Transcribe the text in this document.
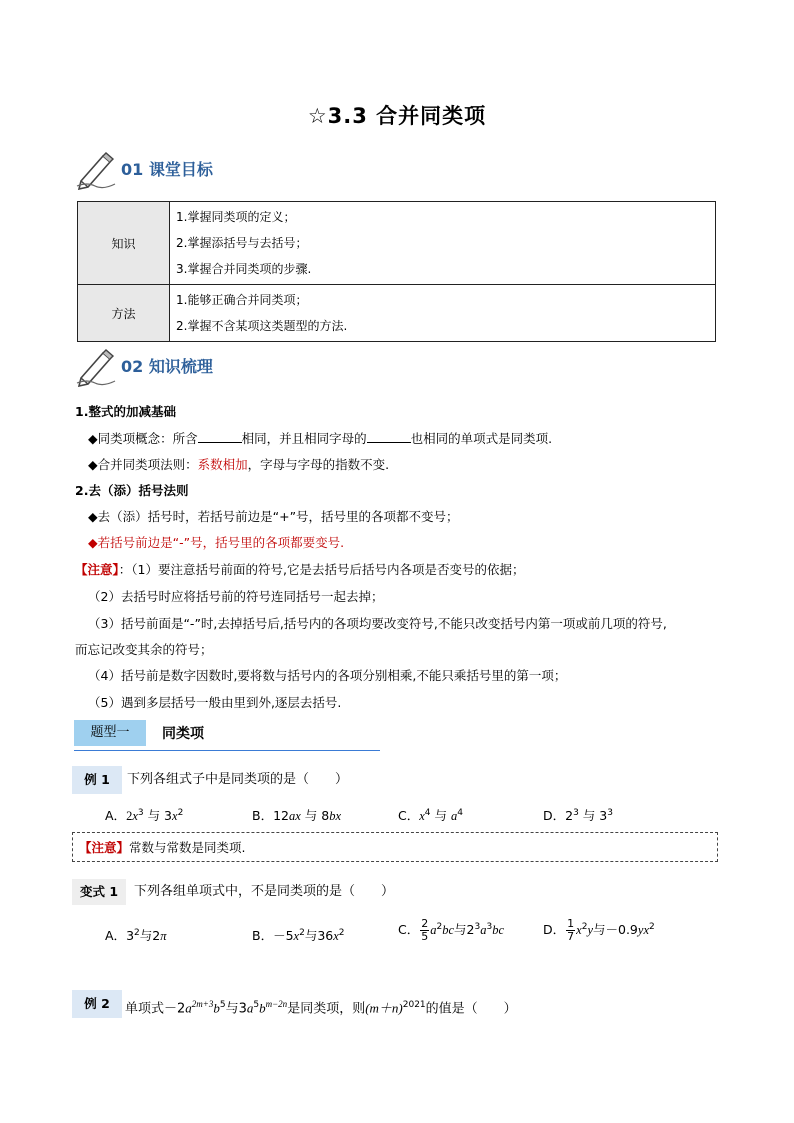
☆3.3 合并同类项
01 课堂目标
知识	1.掌握同类项的定义；
2.掌握添括号与去括号；
3.掌握合并同类项的步骤.

方法	1.能够正确合并同类项；
2.掌握不含某项这类题型的方法.
02 知识梳理
1.整式的加减基础
◆同类项概念：所含	相同，并且相同字母的	也相同的单项式是同类项.
◆合并同类项法则：系数相加，字母与字母的指数不变.
2.去（添）括号法则
◆去（添）括号时，若括号前边是“+”号，括号里的各项都不变号；
◆若括号前边是“-”号，括号里的各项都要变号.
【注意】：（1）要注意括号前面的符号,它是去括号后括号内各项是否变号的依据；
（2）去括号时应将括号前的符号连同括号一起去掉；
（3）括号前面是“-”时,去掉括号后,括号内的各项均要改变符号,不能只改变括号内第一项或前几项的符号,
而忘记改变其余的符号；
（4）括号前是数字因数时,要将数与括号内的各项分别相乘,不能只乘括号里的第一项；
（5）遇到多层括号一般由里到外,逐层去括号.
题型一	同类项
例 1	下列各组式子中是同类项的是（　　）
A．$2x^3$ 与 $3x^2$	B．12ax 与 8bx	C．$x^4$ 与 $a^4$	D．$2^3$ 与 $3^3$
【注意】常数与常数是同类项.
变式 1	下列各组单项式中，不是同类项的是（　　）
A．$3^2$与2π	B．$-5x^2$与$36x^2$	C． $\frac{2}{5} a^2bc$与$2^3a^3bc$	D． $\frac{1}{7} x^2y$与$-0.9yx^2$
例 2	单项式$-2a^{2m+3}b^5$与$3a^5b^{m-2n}$是同类项，则$(m+n)^{2021}$的值是（　　）
